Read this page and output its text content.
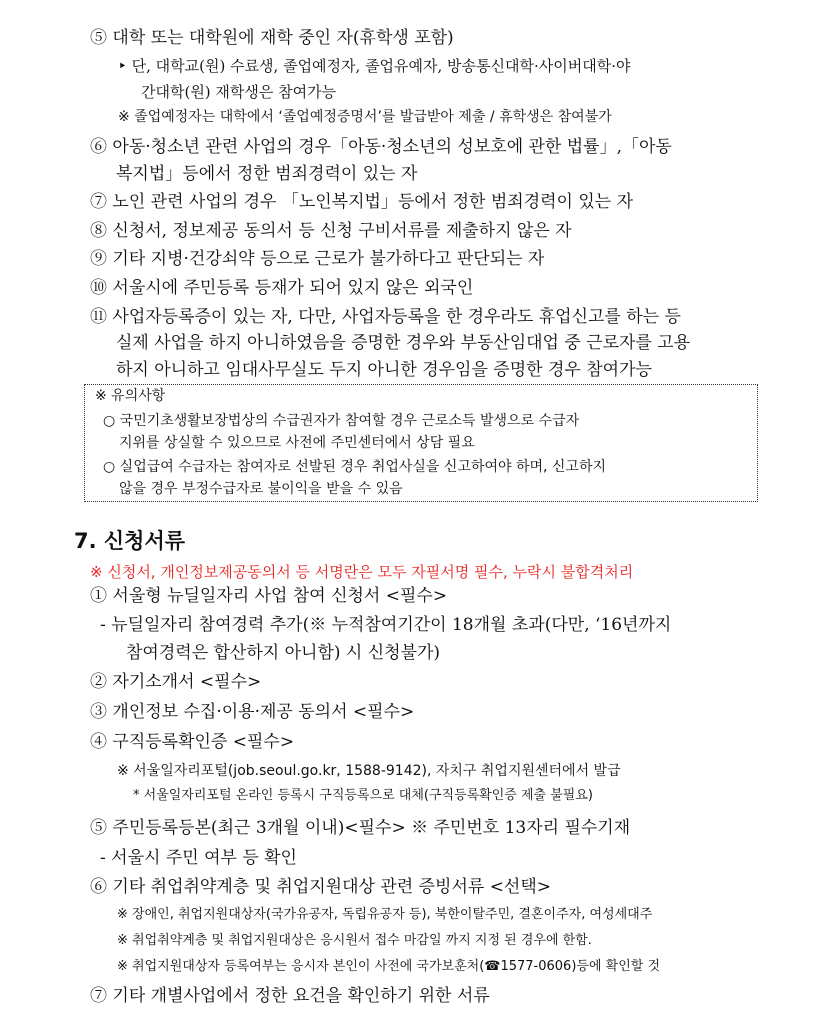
⑤ 대학 또는 대학원에 재학 중인 자(휴학생 포함)
‣ 단, 대학교(원) 수료생, 졸업예정자, 졸업유예자, 방송통신대학·사이버대학·야
간대학(원) 재학생은 참여가능
※ 졸업예정자는 대학에서 ‘졸업예정증명서’를 발급받아 제출 / 휴학생은 참여불가
⑥ 아동·청소년 관련 사업의 경우「아동·청소년의 성보호에 관한 법률」,「아동
복지법」등에서 정한 범죄경력이 있는 자
⑦ 노인 관련 사업의 경우 「노인복지법」등에서 정한 범죄경력이 있는 자
⑧ 신청서, 정보제공 동의서 등 신청 구비서류를 제출하지 않은 자
⑨ 기타 지병·건강쇠약 등으로 근로가 불가하다고 판단되는 자
⑩ 서울시에 주민등록 등재가 되어 있지 않은 외국인
⑪ 사업자등록증이 있는 자, 다만, 사업자등록을 한 경우라도 휴업신고를 하는 등
실제 사업을 하지 아니하였음을 증명한 경우와 부동산임대업 중 근로자를 고용
하지 아니하고 임대사무실도 두지 아니한 경우임을 증명한 경우 참여가능
※ 유의사항
○ 국민기초생활보장법상의 수급권자가 참여할 경우 근로소득 발생으로 수급자
지위를 상실할 수 있으므로 사전에 주민센터에서 상담 필요
○ 실업급여 수급자는 참여자로 선발된 경우 취업사실을 신고하여야 하며, 신고하지
않을 경우 부정수급자로 불이익을 받을 수 있음
7. 신청서류
※ 신청서, 개인정보제공동의서 등 서명란은 모두 자필서명 필수, 누락시 불합격처리
① 서울형 뉴딜일자리 사업 참여 신청서 <필수>
- 뉴딜일자리 참여경력 추가(※ 누적참여기간이 18개월 초과(다만, ‘16년까지
참여경력은 합산하지 아니함) 시 신청불가)
② 자기소개서 <필수>
③ 개인정보 수집·이용·제공 동의서 <필수>
④ 구직등록확인증 <필수>
※ 서울일자리포털(job.seoul.go.kr, 1588-9142), 자치구 취업지원센터에서 발급
* 서울일자리포털 온라인 등록시 구직등록으로 대체(구직등록확인증 제출 불필요)
⑤ 주민등록등본(최근 3개월 이내)<필수> ※ 주민번호 13자리 필수기재
- 서울시 주민 여부 등 확인
⑥ 기타 취업취약계층 및 취업지원대상 관련 증빙서류 <선택>
※ 장애인, 취업지원대상자(국가유공자, 독립유공자 등), 북한이탈주민, 결혼이주자, 여성세대주
※ 취업취약계층 및 취업지원대상은 응시원서 접수 마감일 까지 지정 된 경우에 한함.
※ 취업지원대상자 등록여부는 응시자 본인이 사전에 국가보훈처(☎1577-0606)등에 확인할 것
⑦ 기타 개별사업에서 정한 요건을 확인하기 위한 서류
